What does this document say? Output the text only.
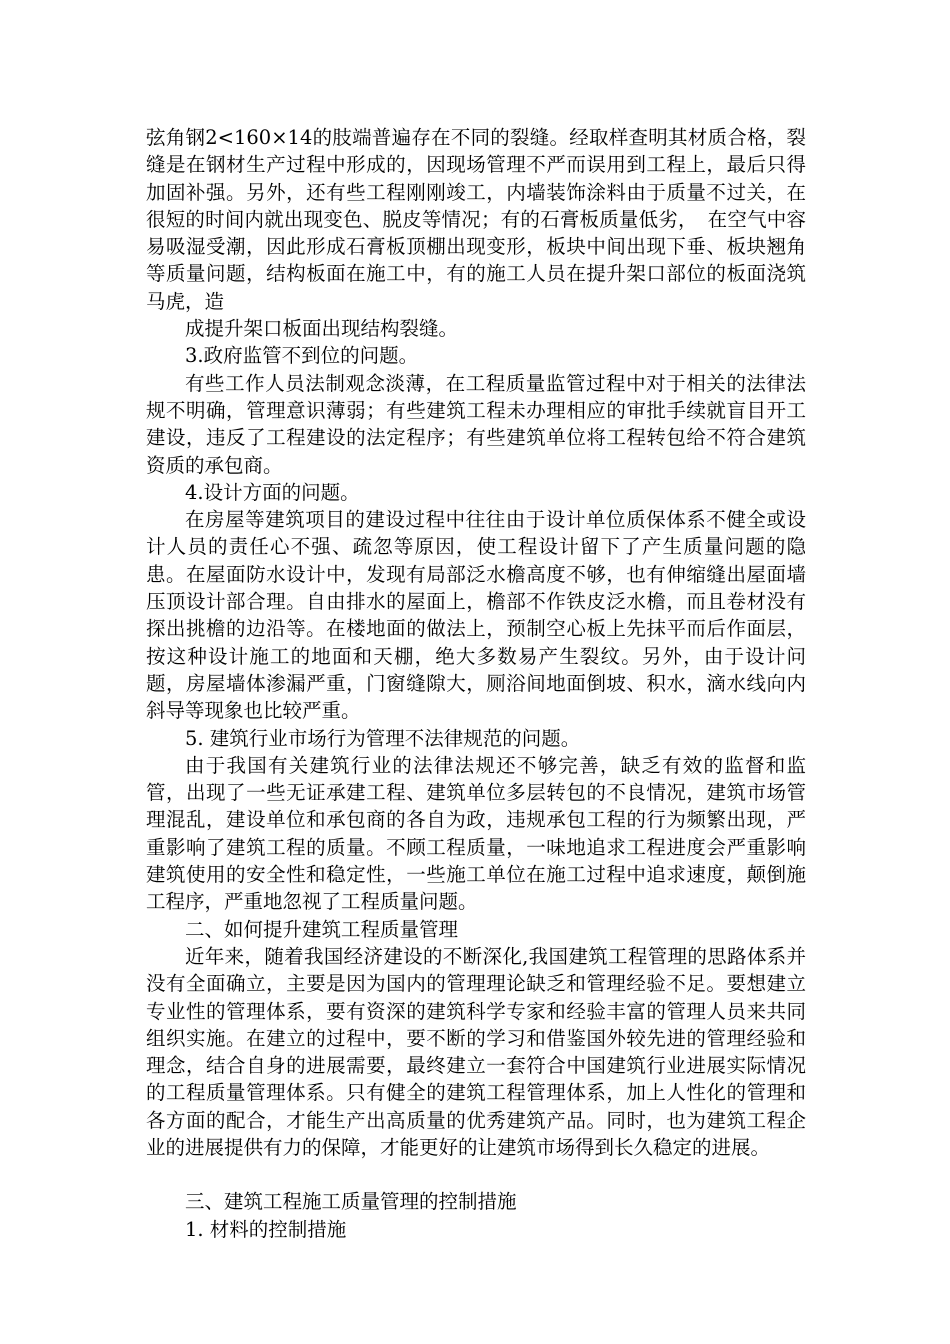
弦角钢2<160×14的肢端普遍存在不同的裂缝。经取样查明其材质合格，裂缝是在钢材生产过程中形成的，因现场管理不严而误用到工程上，最后只得加固补强。另外，还有些工程刚刚竣工，内墙装饰涂料由于质量不过关，在很短的时间内就出现变色、脱皮等情况；有的石膏板质量低劣，　在空气中容易吸湿受潮，因此形成石膏板顶棚出现变形，板块中间出现下垂、板块翘角等质量问题，结构板面在施工中，有的施工人员在提升架口部位的板面浇筑马虎，造

成提升架口板面出现结构裂缝。

3.政府监管不到位的问题。

有些工作人员法制观念淡薄，在工程质量监管过程中对于相关的法律法规不明确，管理意识薄弱；有些建筑工程未办理相应的审批手续就盲目开工建设，违反了工程建设的法定程序；有些建筑单位将工程转包给不符合建筑资质的承包商。

4.设计方面的问题。

在房屋等建筑项目的建设过程中往往由于设计单位质保体系不健全或设计人员的责任心不强、疏忽等原因，使工程设计留下了产生质量问题的隐患。在屋面防水设计中，发现有局部泛水檐高度不够，也有伸缩缝出屋面墙压顶设计部合理。自由排水的屋面上，檐部不作铁皮泛水檐，而且卷材没有探出挑檐的边沿等。在楼地面的做法上，预制空心板上先抹平而后作面层，按这种设计施工的地面和天棚，绝大多数易产生裂纹。另外，由于设计问题，房屋墙体渗漏严重，门窗缝隙大，厕浴间地面倒坡、积水，滴水线向内斜导等现象也比较严重。

5. 建筑行业市场行为管理不法律规范的问题。

由于我国有关建筑行业的法律法规还不够完善，缺乏有效的监督和监管，出现了一些无证承建工程、建筑单位多层转包的不良情况，建筑市场管理混乱，建设单位和承包商的各自为政，违规承包工程的行为频繁出现，严重影响了建筑工程的质量。不顾工程质量，一味地追求工程进度会严重影响建筑使用的安全性和稳定性，一些施工单位在施工过程中追求速度，颠倒施工程序，严重地忽视了工程质量问题。

二、如何提升建筑工程质量管理

近年来，随着我国经济建设的不断深化,我国建筑工程管理的思路体系并没有全面确立，主要是因为国内的管理理论缺乏和管理经验不足。要想建立专业性的管理体系，要有资深的建筑科学专家和经验丰富的管理人员来共同组织实施。在建立的过程中，要不断的学习和借鉴国外较先进的管理经验和理念，结合自身的进展需要，最终建立一套符合中国建筑行业进展实际情况的工程质量管理体系。只有健全的建筑工程管理体系，加上人性化的管理和各方面的配合，才能生产出高质量的优秀建筑产品。同时，也为建筑工程企业的进展提供有力的保障，才能更好的让建筑市场得到长久稳定的进展。

三、建筑工程施工质量管理的控制措施

1. 材料的控制措施
